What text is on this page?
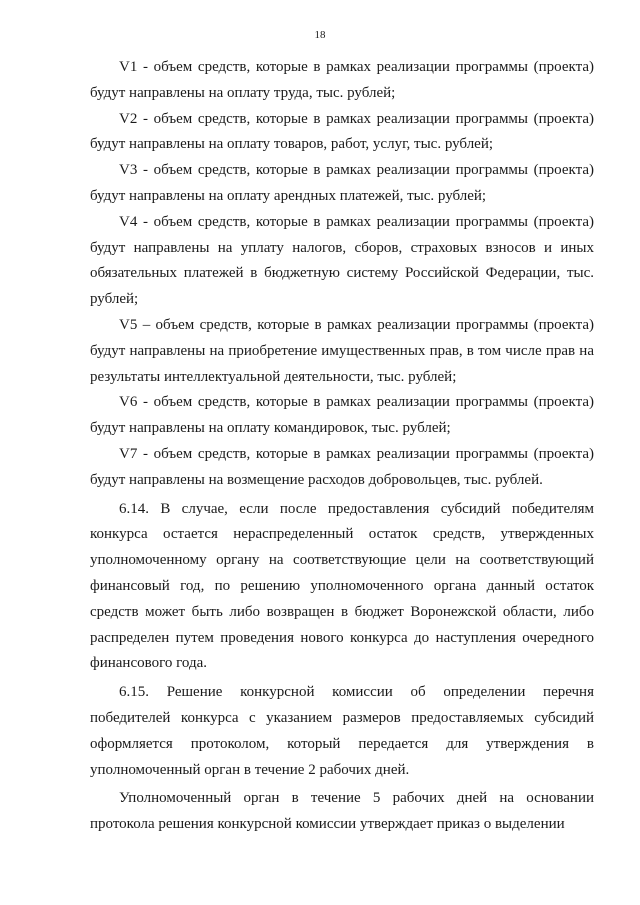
18

V1 - объем средств, которые в рамках реализации программы (проекта) будут направлены на оплату труда, тыс. рублей;

V2 - объем средств, которые в рамках реализации программы (проекта) будут направлены на оплату товаров, работ, услуг, тыс. рублей;

V3 - объем средств, которые в рамках реализации программы (проекта) будут направлены на оплату арендных платежей, тыс. рублей;

V4 - объем средств, которые в рамках реализации программы (проекта) будут направлены на уплату налогов, сборов, страховых взносов и иных обязательных платежей в бюджетную систему Российской Федерации, тыс. рублей;

V5 – объем средств, которые в рамках реализации программы (проекта) будут направлены на приобретение имущественных прав, в том числе прав на результаты интеллектуальной деятельности, тыс. рублей;

V6 - объем средств, которые в рамках реализации программы (проекта) будут направлены на оплату командировок, тыс. рублей;

V7 - объем средств, которые в рамках реализации программы (проекта) будут направлены на возмещение расходов добровольцев, тыс. рублей.

6.14. В случае, если после предоставления субсидий победителям конкурса остается нераспределенный остаток средств, утвержденных уполномоченному органу на соответствующие цели на соответствующий финансовый год, по решению уполномоченного органа данный остаток средств может быть либо возвращен в бюджет Воронежской области, либо распределен путем проведения нового конкурса до наступления очередного финансового года.

6.15. Решение конкурсной комиссии об определении перечня победителей конкурса с указанием размеров предоставляемых субсидий оформляется протоколом, который передается для утверждения в уполномоченный орган в течение 2 рабочих дней.

Уполномоченный орган в течение 5 рабочих дней на основании протокола решения конкурсной комиссии утверждает приказ о выделении
